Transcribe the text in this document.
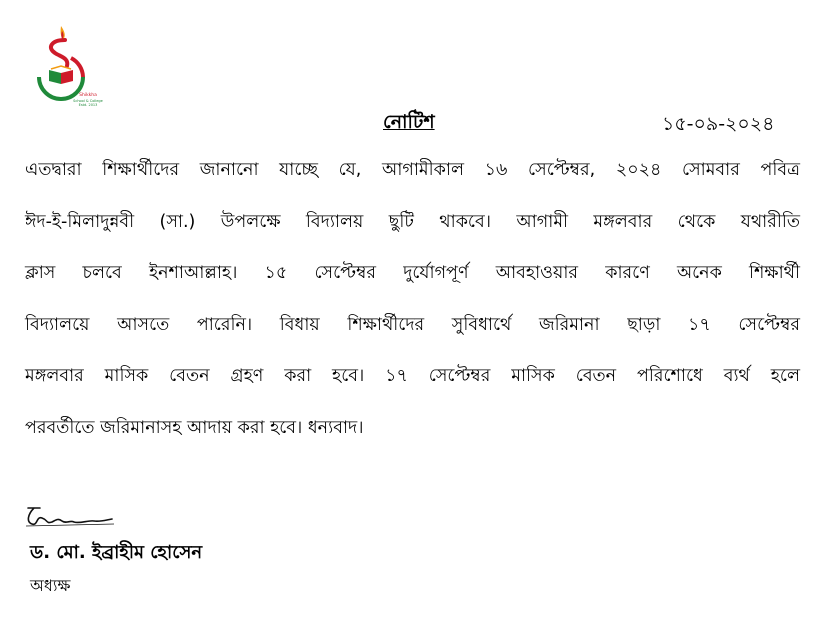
Shikkha
School & College
Estd. 2013
নোটিশ	১৫-০৯-২০২৪
এতদ্বারা শিক্ষার্থীদের জানানো যাচ্ছে যে, আগামীকাল ১৬ সেপ্টেম্বর, ২০২৪ সোমবার পবিত্র
ঈদ-ই-মিলাদুন্নবী (সা.) উপলক্ষে বিদ্যালয় ছুটি থাকবে। আগামী মঙ্গলবার থেকে যথারীতি
ক্লাস চলবে ইনশাআল্লাহ। ১৫ সেপ্টেম্বর দুর্যোগপূর্ণ আবহাওয়ার কারণে অনেক শিক্ষার্থী
বিদ্যালয়ে আসতে পারেনি। বিধায় শিক্ষার্থীদের সুবিধার্থে জরিমানা ছাড়া ১৭ সেপ্টেম্বর
মঙ্গলবার মাসিক বেতন গ্রহণ করা হবে। ১৭ সেপ্টেম্বর মাসিক বেতন পরিশোধে ব্যর্থ হলে
পরবর্তীতে জরিমানাসহ আদায় করা হবে। ধন্যবাদ।
ড. মো. ইব্রাহীম হোসেন
অধ্যক্ষ
